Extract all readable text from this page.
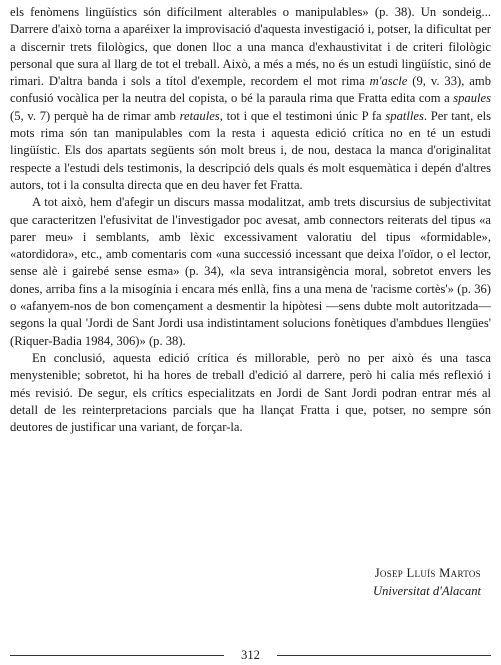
els fenòmens lingüístics són difícilment alterables o manipulables» (p. 38). Un sondeig... Darrere d'això torna a aparéixer la improvisació d'aquesta investigació i, potser, la dificultat per a discernir trets filològics, que donen lloc a una manca d'exhaustivitat i de criteri filològic personal que sura al llarg de tot el treball. Això, a més a més, no és un estudi lingüístic, sinó de rimari. D'altra banda i sols a títol d'exemple, recordem el mot rima m'ascle (9, v. 33), amb confusió vocàlica per la neutra del copista, o bé la paraula rima que Fratta edita com a spaules (5, v. 7) perquè ha de rimar amb retaules, tot i que el testimoni únic P fa spatlles. Per tant, els mots rima són tan manipulables com la resta i aquesta edició crítica no en té un estudi lingüístic. Els dos apartats següents són molt breus i, de nou, destaca la manca d'originalitat respecte a l'estudi dels testimonis, la descripció dels quals és molt esquemàtica i depén d'altres autors, tot i la consulta directa que en deu haver fet Fratta.

A tot això, hem d'afegir un discurs massa modalitzat, amb trets discursius de subjectivitat que caracteritzen l'efusivitat de l'investigador poc avesat, amb connectors reiterats del tipus «a parer meu» i semblants, amb lèxic excessivament valoratiu del tipus «formidable», «atordidora», etc., amb comentaris com «una successió incessant que deixa l'oïdor, o el lector, sense alè i gairebé sense esma» (p. 34), «la seva intransigència moral, sobretot envers les dones, arriba fins a la misogínia i encara més enllà, fins a una mena de 'racisme cortès'» (p. 36) o «afanyem-nos de bon començament a desmentir la hipòtesi —sens dubte molt autoritzada— segons la qual 'Jordi de Sant Jordi usa indistintament solucions fonètiques d'ambdues llengües' (Riquer-Badia 1984, 306)» (p. 38).

En conclusió, aquesta edició crítica és millorable, però no per això és una tasca menystenible; sobretot, hi ha hores de treball d'edició al darrere, però hi calia més reflexió i més revisió. De segur, els crítics especialitzats en Jordi de Sant Jordi podran entrar més al detall de les reinterpretacions parcials que ha llançat Fratta i que, potser, no sempre són deutores de justificar una variant, de forçar-la.

Josep Lluís Martos
Universitat d'Alacant
312
